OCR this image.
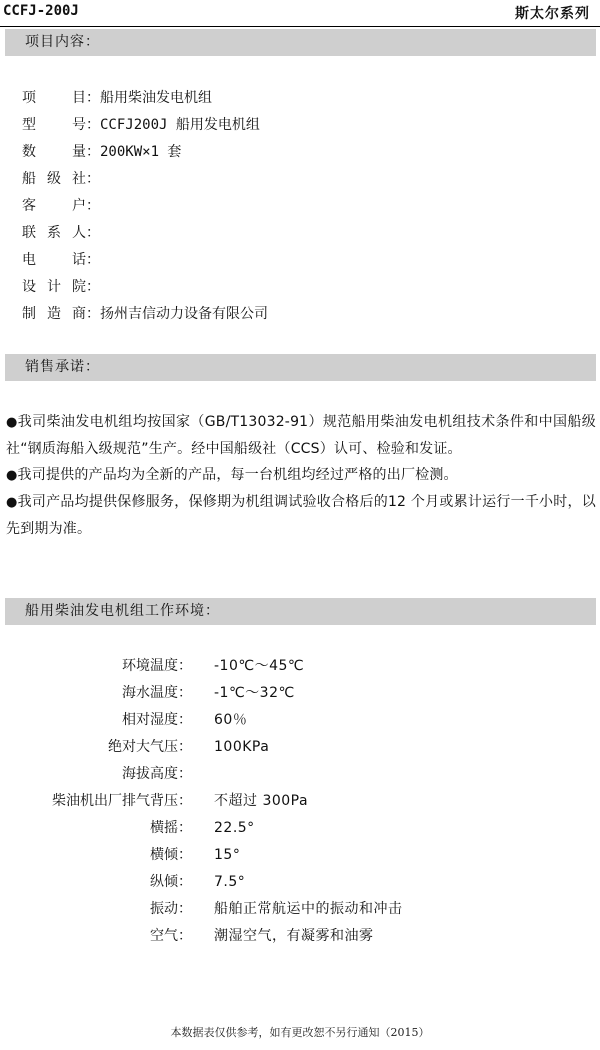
CCFJ-200J	斯太尔系列
项目内容：
项目：船用柴油发电机组
型号：CCFJ200J 船用发电机组
数量：200KW×1 套
船级社：
客户：
联系人：
电话：
设计院：
制造商：扬州吉信动力设备有限公司
销售承诺：

●我司柴油发电机组均按国家（GB/T13032-91）规范船用柴油发电机组技术条件和中国船级社“钢质海船入级规范”生产。经中国船级社（CCS）认可、检验和发证。

●我司提供的产品均为全新的产品，每一台机组均经过严格的出厂检测。

●我司产品均提供保修服务，保修期为机组调试验收合格后的12 个月或累计运行一千小时，以先到期为准。

船用柴油发电机组工作环境：
环境温度： -10℃～45℃
海水温度： -1℃～32℃
相对湿度： 60％
绝对大气压： 100KPa
海拔高度：
柴油机出厂排气背压： 不超过 300Pa
横摇： 22.5°
横倾： 15°
纵倾： 7.5°
振动： 船舶正常航运中的振动和冲击
空气： 潮湿空气，有凝雾和油雾
本数据表仅供参考，如有更改恕不另行通知（2015）
